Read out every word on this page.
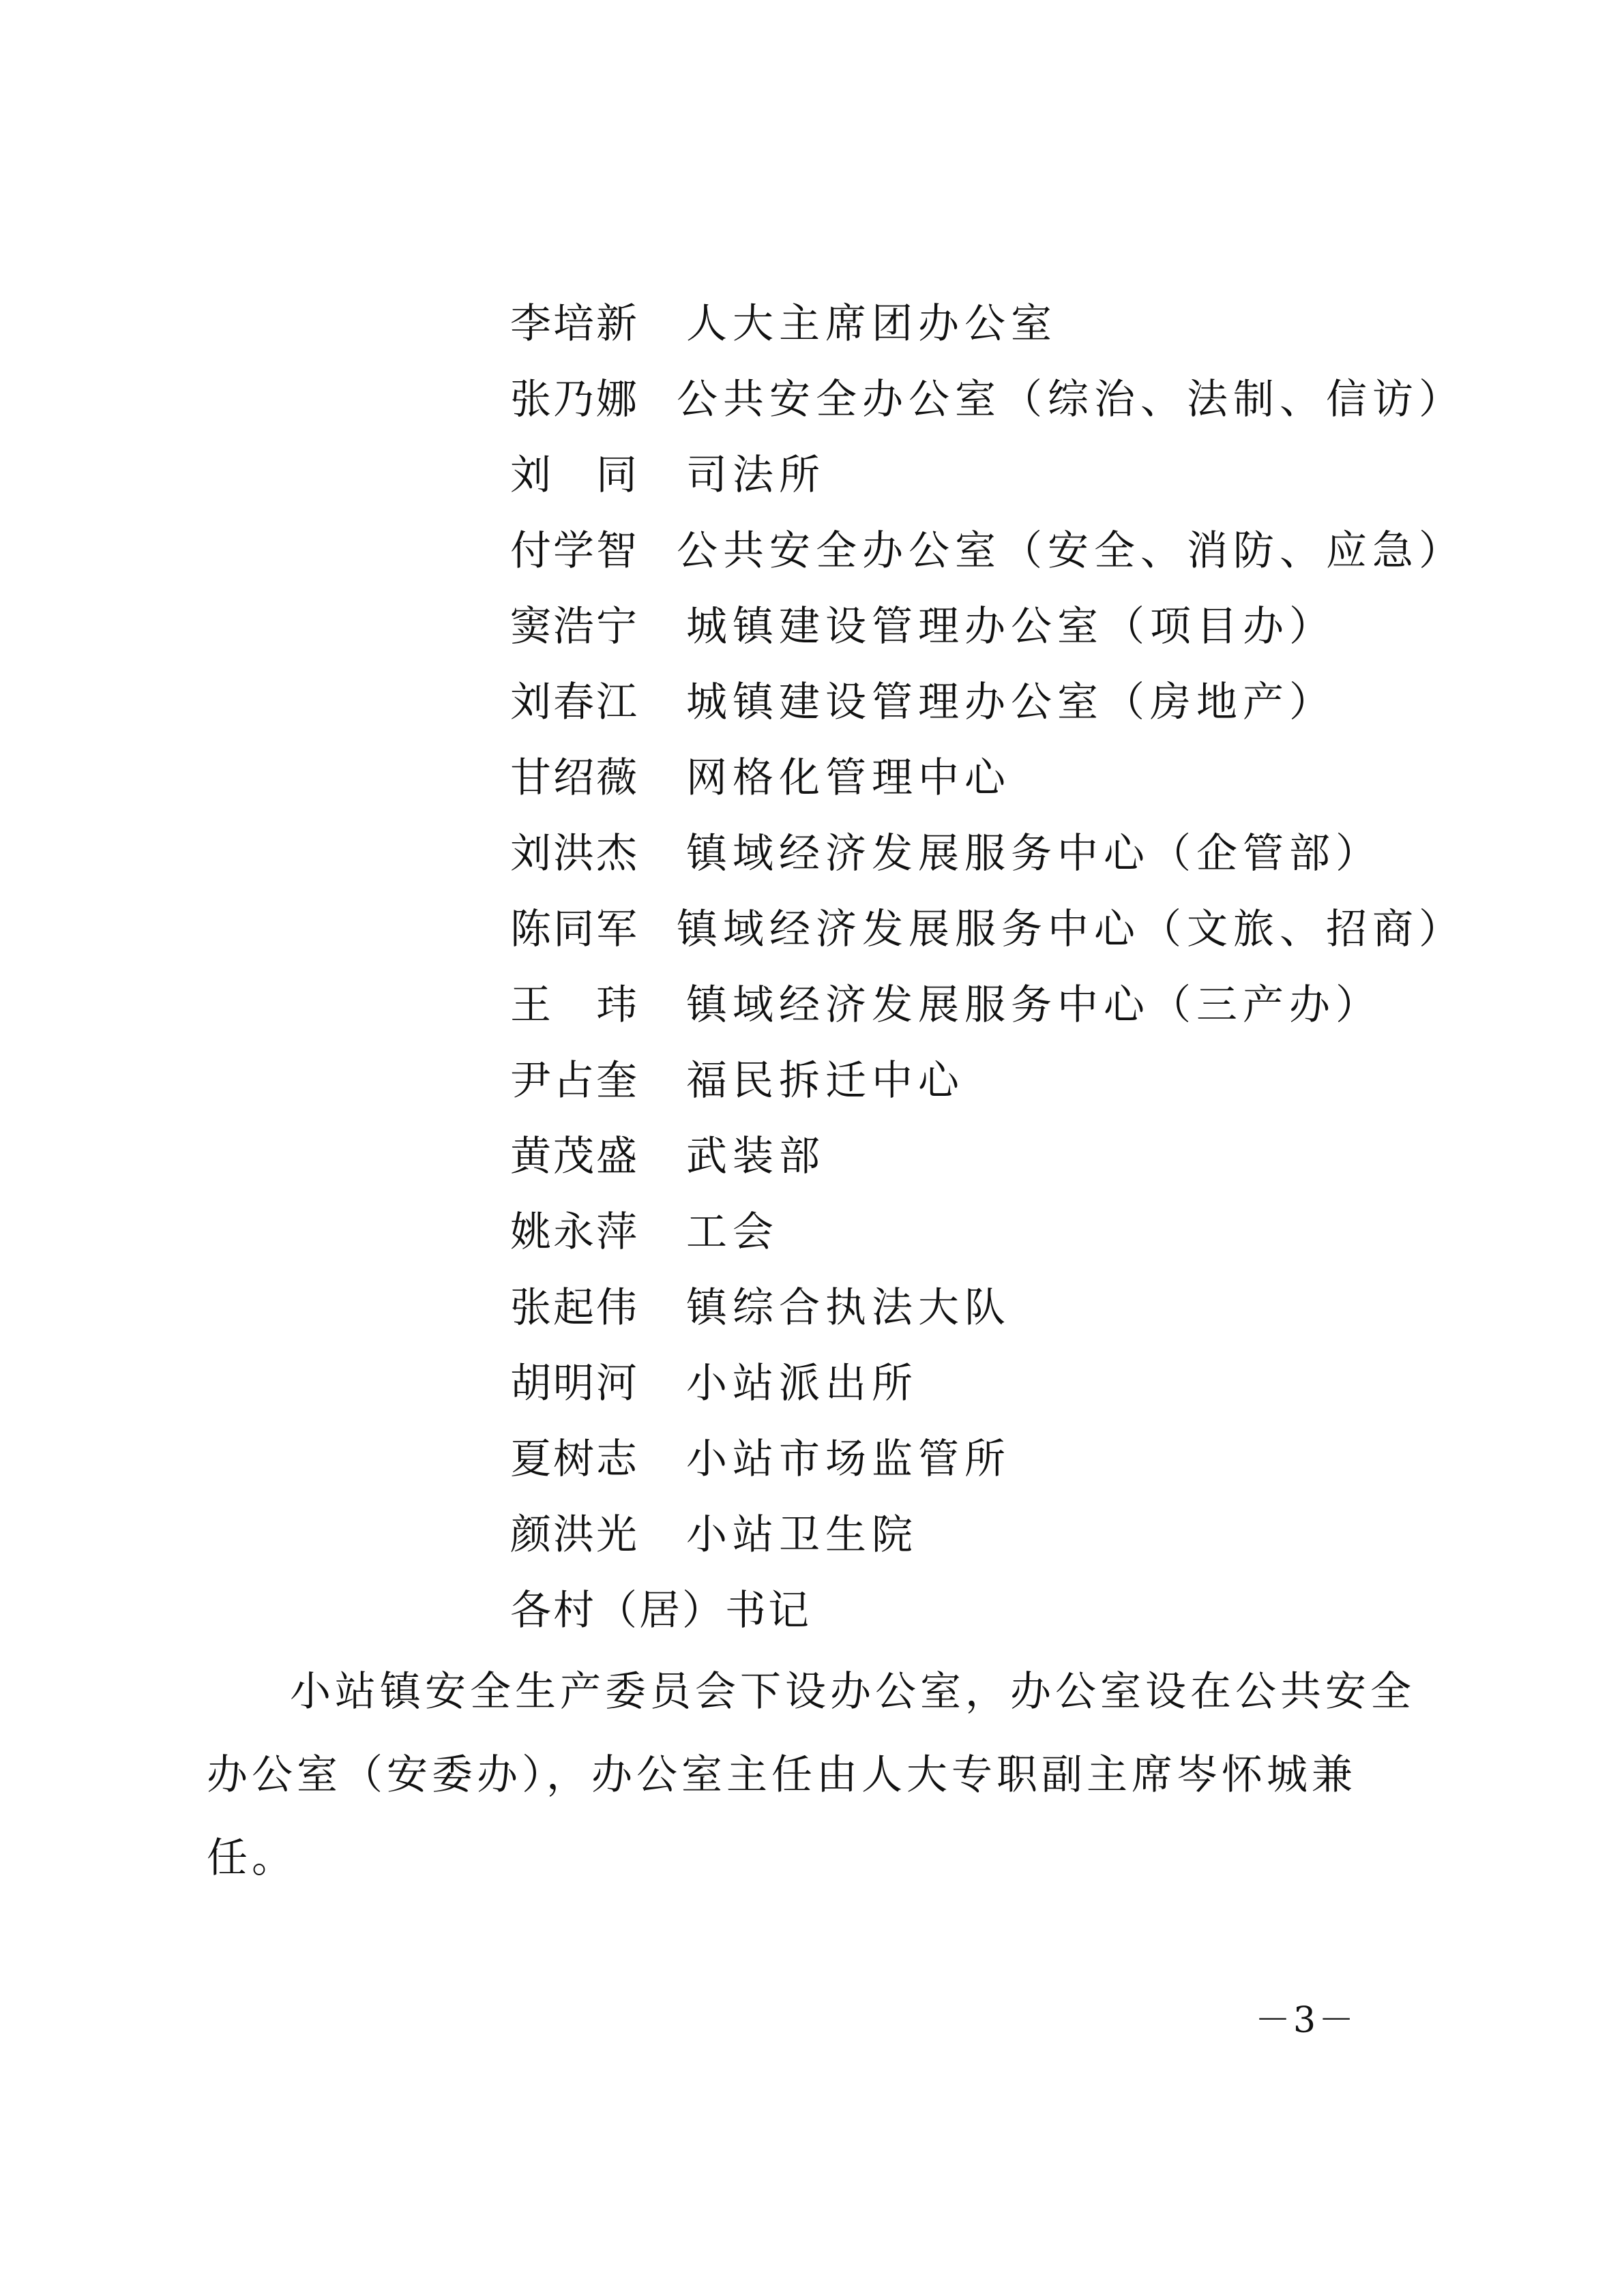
李培新	人大主席团办公室
张乃娜 公共安全办公室（综治、法制、信访）
刘　同	司法所
付学智 公共安全办公室（安全、消防、应急）
窦浩宁	城镇建设管理办公室（项目办）
刘春江	城镇建设管理办公室（房地产）
甘绍薇	网格化管理中心
刘洪杰	镇域经济发展服务中心（企管部）
陈同军 镇域经济发展服务中心（文旅、招商）
王　玮	镇域经济发展服务中心（三产办）
尹占奎	福民拆迁中心
黄茂盛	武装部
姚永萍	工会
张起伟	镇综合执法大队
胡明河	小站派出所
夏树志	小站市场监管所
颜洪光	小站卫生院
各村（居）书记
小站镇安全生产委员会下设办公室，办公室设在公共安全办公室（安委办），办公室主任由人大专职副主席岑怀城兼任。
－3－
